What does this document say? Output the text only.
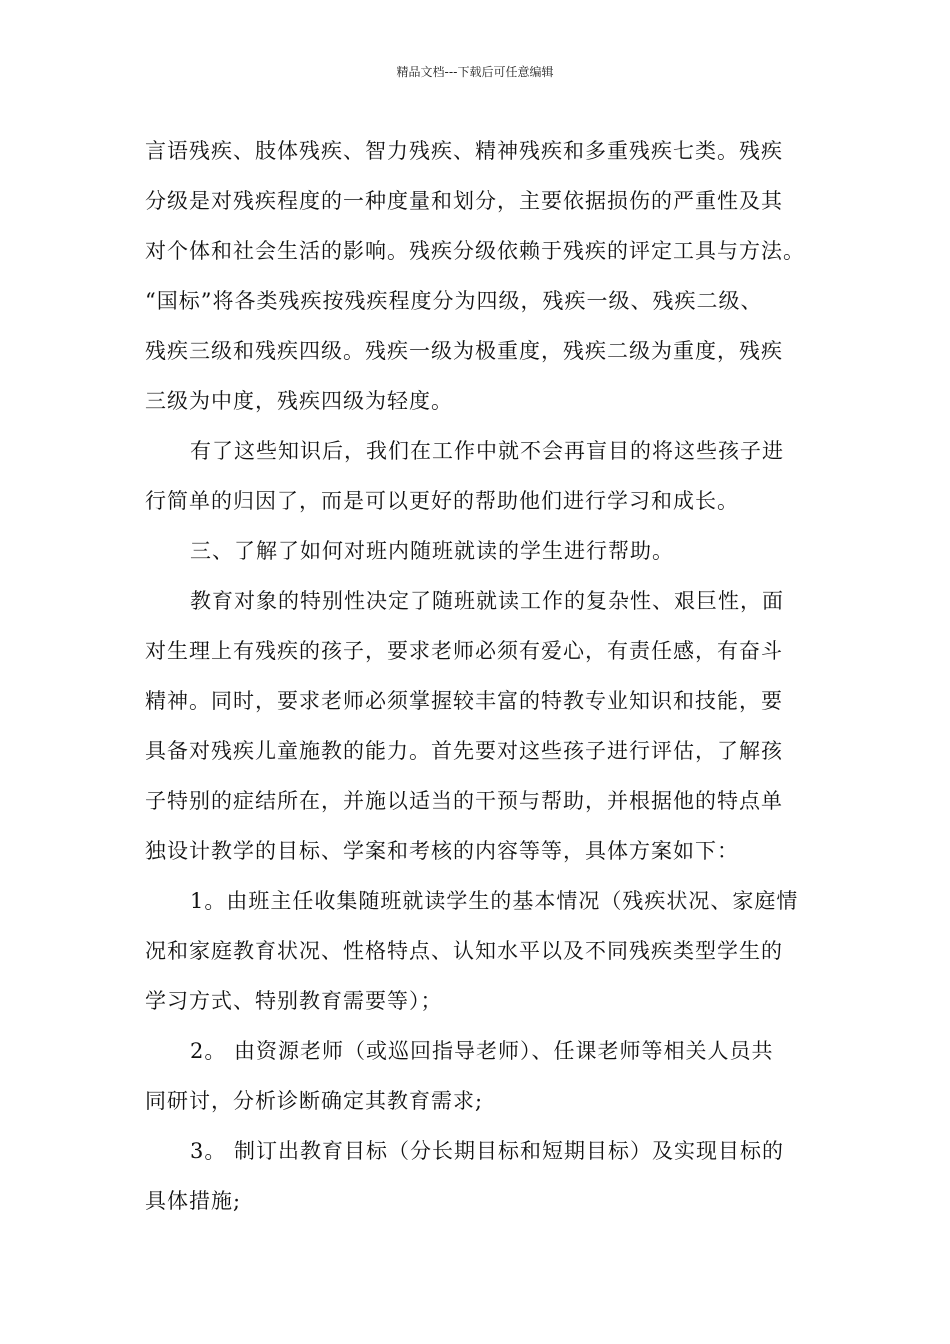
精品文档---下载后可任意编辑
言语残疾、肢体残疾、智力残疾、精神残疾和多重残疾七类。残疾
分级是对残疾程度的一种度量和划分，主要依据损伤的严重性及其
对个体和社会生活的影响。残疾分级依赖于残疾的评定工具与方法。
“国标”将各类残疾按残疾程度分为四级，残疾一级、残疾二级、
残疾三级和残疾四级。残疾一级为极重度，残疾二级为重度，残疾
三级为中度，残疾四级为轻度。
有了这些知识后，我们在工作中就不会再盲目的将这些孩子进
行简单的归因了，而是可以更好的帮助他们进行学习和成长。
三、了解了如何对班内随班就读的学生进行帮助。
教育对象的特别性决定了随班就读工作的复杂性、艰巨性，面
对生理上有残疾的孩子，要求老师必须有爱心，有责任感，有奋斗
精神。同时，要求老师必须掌握较丰富的特教专业知识和技能，要
具备对残疾儿童施教的能力。首先要对这些孩子进行评估，了解孩
子特别的症结所在，并施以适当的干预与帮助，并根据他的特点单
独设计教学的目标、学案和考核的内容等等，具体方案如下：
1。由班主任收集随班就读学生的基本情况（残疾状况、家庭情
况和家庭教育状况、性格特点、认知水平以及不同残疾类型学生的
学习方式、特别教育需要等）；
2。 由资源老师（或巡回指导老师）、任课老师等相关人员共
同研讨，分析诊断确定其教育需求;
3。 制订出教育目标（分长期目标和短期目标）及实现目标的
具体措施;
